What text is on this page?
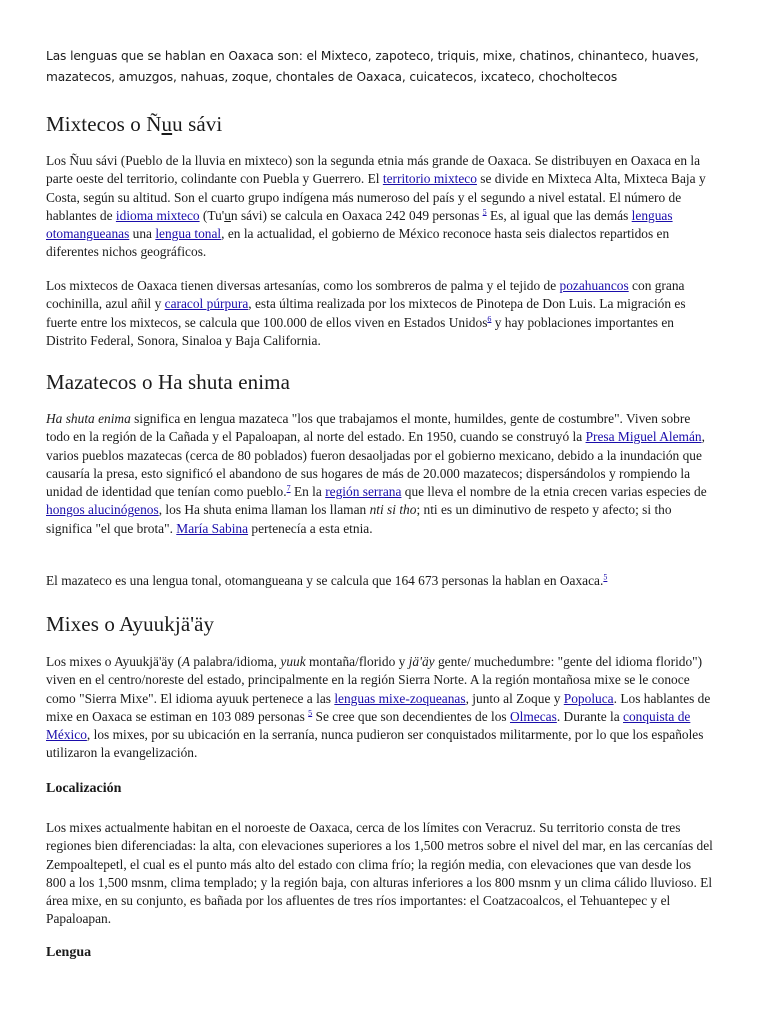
Las lenguas que se hablan en Oaxaca son: el Mixteco, zapoteco, triquis, mixe, chatinos, chinanteco, huaves,
mazatecos, amuzgos, nahuas, zoque, chontales de Oaxaca, cuicatecos, ixcateco, chocholtecos

Mixtecos o Ñuu sávi

Los Ñuu sávi (Pueblo de la lluvia en mixteco) son la segunda etnia más grande de Oaxaca. Se distribuyen en Oaxaca en la parte oeste del territorio, colindante con Puebla y Guerrero. El territorio mixteco se divide en Mixteca Alta, Mixteca Baja y Costa, según su altitud. Son el cuarto grupo indígena más numeroso del país y el segundo a nivel estatal. El número de hablantes de idioma mixteco (Tu'un sávi) se calcula en Oaxaca 242 049 personas $^5$ Es, al igual que las demás lenguas otomangueanas una lengua tonal, en la actualidad, el gobierno de México reconoce hasta seis dialectos repartidos en diferentes nichos geográficos.

Los mixtecos de Oaxaca tienen diversas artesanías, como los sombreros de palma y el tejido de pozahuancos con grana cochinilla, azul añil y caracol púrpura, esta última realizada por los mixtecos de Pinotepa de Don Luis. La migración es fuerte entre los mixtecos, se calcula que 100.000 de ellos viven en Estados Unidos$^6$ y hay poblaciones importantes en Distrito Federal, Sonora, Sinaloa y Baja California.

Mazatecos o Ha shuta enima

Ha shuta enima significa en lengua mazateca "los que trabajamos el monte, humildes, gente de costumbre". Viven sobre todo en la región de la Cañada y el Papaloapan, al norte del estado. En 1950, cuando se construyó la Presa Miguel Alemán, varios pueblos mazatecas (cerca de 80 poblados) fueron desaoljadas por el gobierno mexicano, debido a la inundación que causaría la presa, esto significó el abandono de sus hogares de más de 20.000 mazatecos; dispersándolos y rompiendo la unidad de identidad que tenían como pueblo.$^7$ En la región serrana que lleva el nombre de la etnia crecen varias especies de hongos alucinógenos, los Ha shuta enima llaman los llaman nti si tho; nti es un diminutivo de respeto y afecto; si tho significa "el que brota". María Sabina pertenecía a esta etnia.

El mazateco es una lengua tonal, otomangueana y se calcula que 164 673 personas la hablan en Oaxaca.$^5$

Mixes o Ayuukjä'äy

Los mixes o Ayuukjä'äy (A palabra/idioma, yuuk montaña/florido y jä'äy gente/ muchedumbre: "gente del idioma florido") viven en el centro/noreste del estado, principalmente en la región Sierra Norte. A la región montañosa mixe se le conoce como "Sierra Mixe". El idioma ayuuk pertenece a las lenguas mixe-zoqueanas, junto al Zoque y Popoluca. Los hablantes de mixe en Oaxaca se estiman en 103 089 personas $^5$ Se cree que son decendientes de los Olmecas. Durante la conquista de México, los mixes, por su ubicación en la serranía, nunca pudieron ser conquistados militarmente, por lo que los españoles utilizaron la evangelización.

Localización

Los mixes actualmente habitan en el noroeste de Oaxaca, cerca de los límites con Veracruz. Su territorio consta de tres regiones bien diferenciadas: la alta, con elevaciones superiores a los 1,500 metros sobre el nivel del mar, en las cercanías del Zempoaltepetl, el cual es el punto más alto del estado con clima frío; la región media, con elevaciones que van desde los 800 a los 1,500 msnm, clima templado; y la región baja, con alturas inferiores a los 800 msnm y un clima cálido lluvioso. El área mixe, en su conjunto, es bañada por los afluentes de tres ríos importantes: el Coatzacoalcos, el Tehuantepec y el Papaloapan.

Lengua
